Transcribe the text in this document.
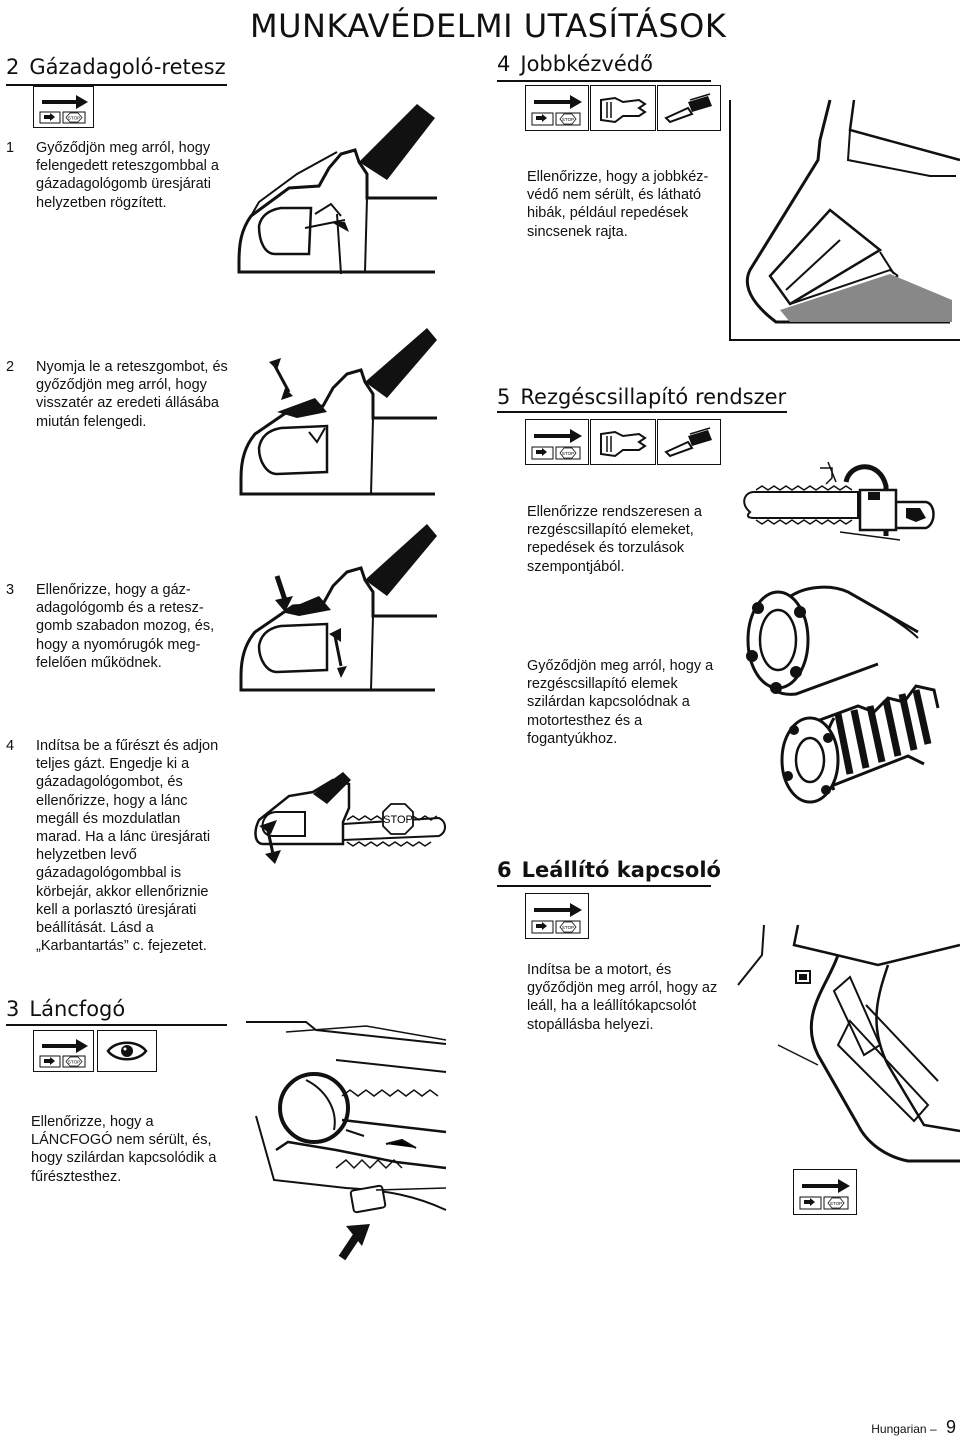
MUNKAVÉDELMI UTASÍTÁSOK
2 Gázadagoló-retesz	4 Jobbkézvédő
STOP
1	Győződjön meg arról, hogy felengedett reteszgombbal a gázadagológomb üresjárati helyzetben rögzített.
2	Nyomja le a reteszgombot, és győződjön meg arról, hogy visszatér az eredeti állásába miután felengedi.
3	Ellenőrizze, hogy a gáz-adagológomb és a retesz-gomb szabadon mozog, és, hogy a nyomórugók meg-felelően működnek.
4	Indítsa be a fűrészt és adjon teljes gázt. Engedje ki a gázadagológombot, és ellenőrizze, hogy a lánc megáll és mozdulatlan marad. Ha a lánc üresjárati helyzetben levő gázadagológombbal is körbejár, akkor ellenőriznie kell a porlasztó üresjárati beállítását. Lásd a „Karbantartás” c. fejezetet.
STOP
3 Láncfogó
STOP
Ellenőrizze, hogy a LÁNCFOGÓ nem sérült, és, hogy szilárdan kapcsolódik a fűrésztesthez.
STOP
Ellenőrizze, hogy a jobbkéz-védő nem sérült, és látható hibák, például repedések sincsenek rajta.
5 Rezgéscsillapító rendszer
STOP
Ellenőrizze rendszeresen a rezgéscsillapító elemeket, repedések és torzulások szempontjából.
Győződjön meg arról, hogy a rezgéscsillapító elemek szilárdan kapcsolódnak a motortesthez és a fogantyúkhoz.
6 Leállító kapcsoló
STOP
Indítsa be a motort, és győződjön meg arról, hogy az leáll, ha a leállítókapcsolót stopállásba helyezi.
STOP
Hungarian – 9
